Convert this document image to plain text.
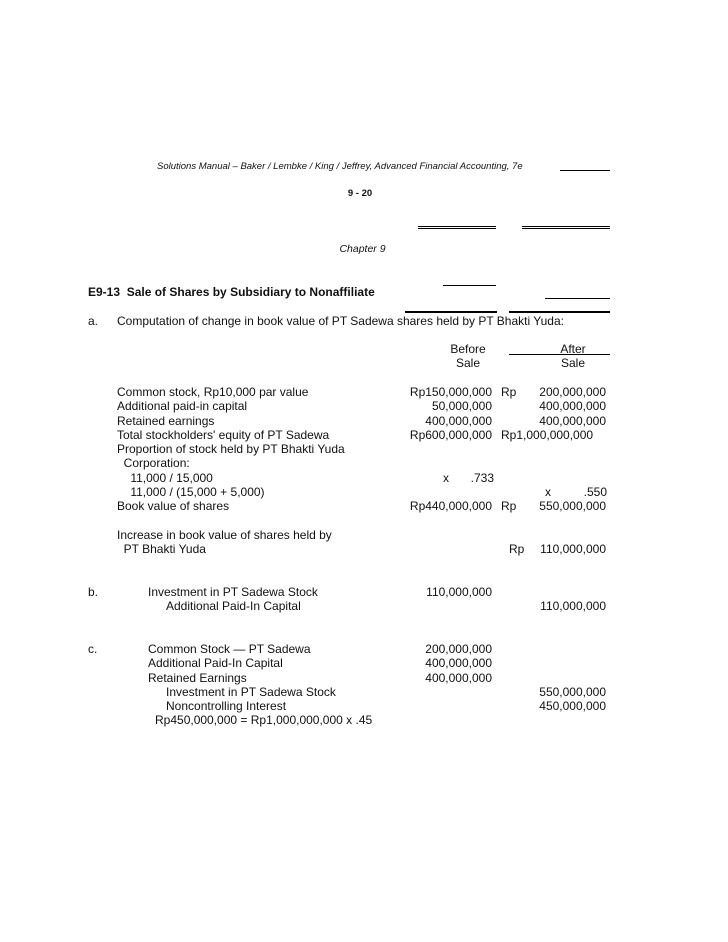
Solutions Manual – Baker / Lembke / King / Jeffrey, Advanced Financial Accounting, 7e
9 - 20
Chapter 9
E9-13  Sale of Shares by Subsidiary to Nonaffiliate
a. Computation of change in book value of PT Sadewa shares held by PT Bhakti Yuda:
Before
Sale
After
Sale
Common stock, Rp10,000 par value	Rp150,000,000 Rp	200,000,000
Additional paid-in capital	50,000,000	400,000,000
Retained earnings	400,000,000	400,000,000
Total stockholders' equity of PT Sadewa	Rp600,000,000 Rp1,000,000,000
Proportion of stock held by PT Bhakti Yuda
Corporation:
11,000 / 15,000	x	.733
11,000 / (15,000 + 5,000)	x	.550
Book value of shares	Rp440,000,000 Rp	550,000,000
Increase in book value of shares held by
PT Bhakti Yuda	Rp	110,000,000
b.	Investment in PT Sadewa Stock	110,000,000
Additional Paid-In Capital	110,000,000
c.	Common Stock — PT Sadewa	200,000,000
Additional Paid-In Capital	400,000,000
Retained Earnings	400,000,000
Investment in PT Sadewa Stock	550,000,000
Noncontrolling Interest	450,000,000
Rp450,000,000 = Rp1,000,000,000 x .45
